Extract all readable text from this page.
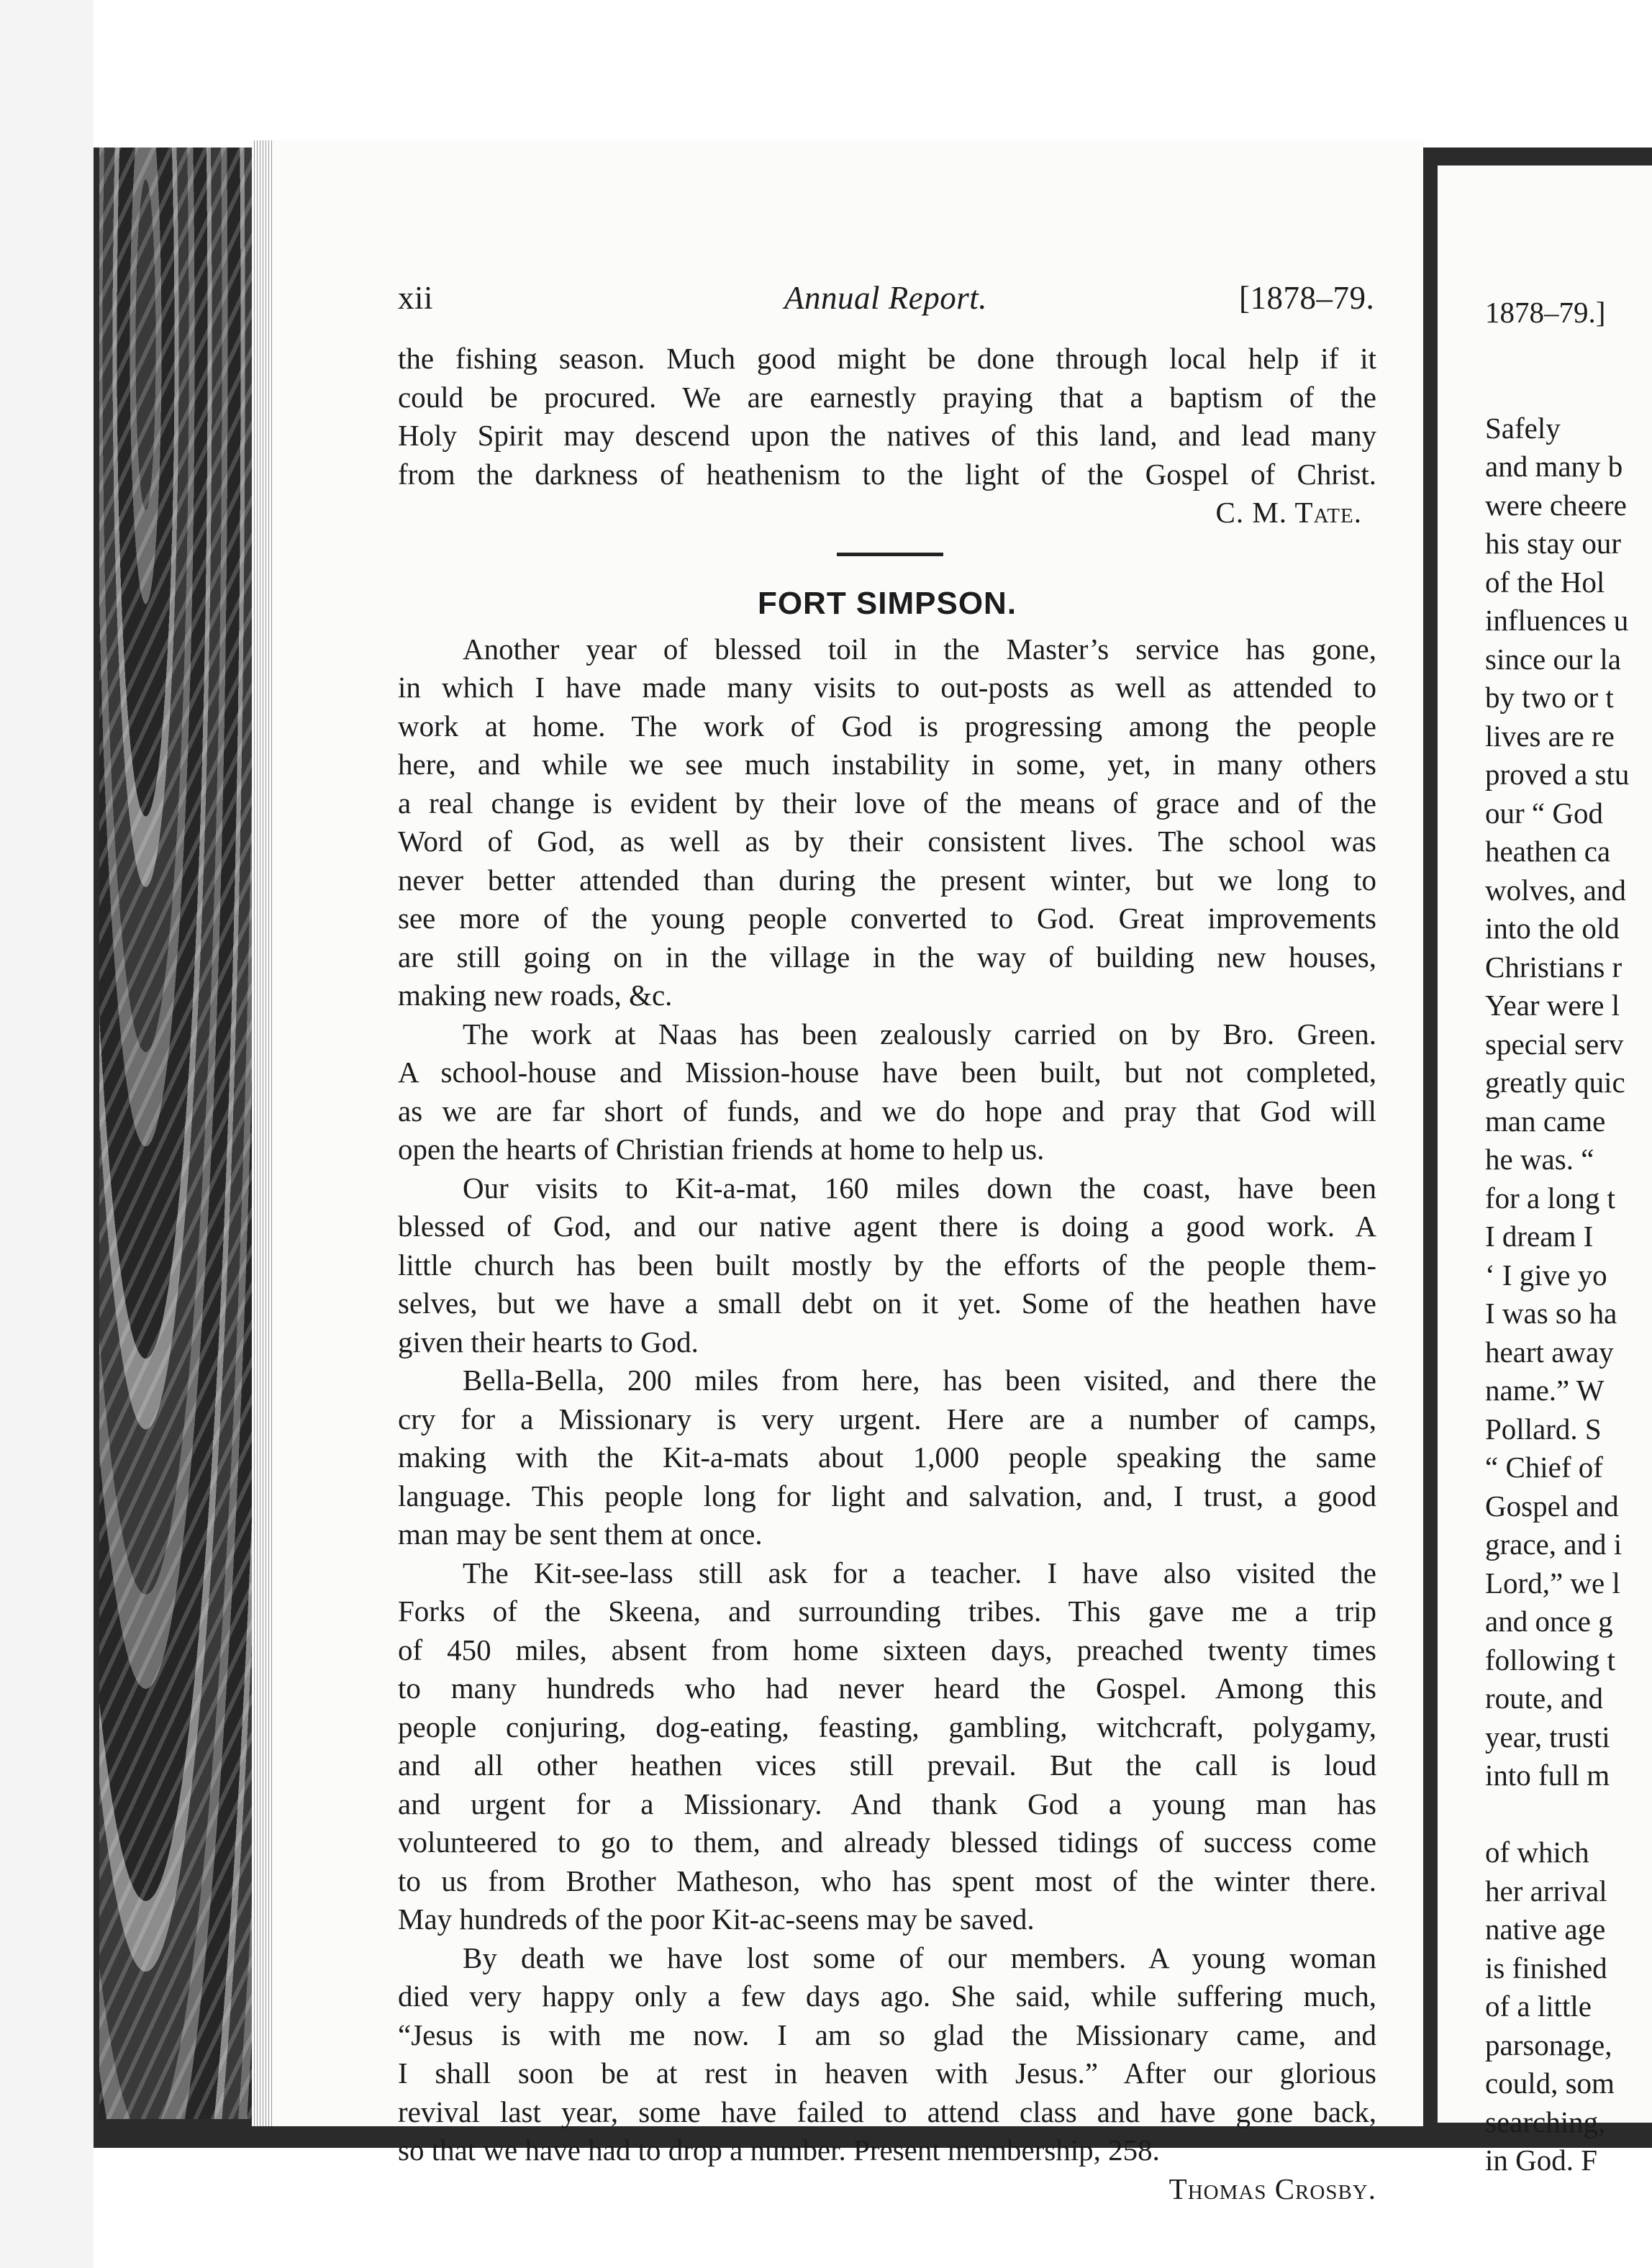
xii	Annual Report.	[1878–79.
the fishing season. Much good might be done through local help if it
could be procured. We are earnestly praying that a baptism of the
Holy Spirit may descend upon the natives of this land, and lead many
from the darkness of heathenism to the light of the Gospel of Christ.
C. M. Tate.
FORT SIMPSON.
Another year of blessed toil in the Master’s service has gone,
in which I have made many visits to out-posts as well as attended to
work at home. The work of God is progressing among the people
here, and while we see much instability in some, yet, in many others
a real change is evident by their love of the means of grace and of the
Word of God, as well as by their consistent lives. The school was
never better attended than during the present winter, but we long to
see more of the young people converted to God. Great improvements
are still going on in the village in the way of building new houses,
making new roads, &c.
The work at Naas has been zealously carried on by Bro. Green.
A school-house and Mission-house have been built, but not completed,
as we are far short of funds, and we do hope and pray that God will
open the hearts of Christian friends at home to help us.
Our visits to Kit-a-mat, 160 miles down the coast, have been
blessed of God, and our native agent there is doing a good work. A
little church has been built mostly by the efforts of the people them-
selves, but we have a small debt on it yet. Some of the heathen have
given their hearts to God.
Bella-Bella, 200 miles from here, has been visited, and there the
cry for a Missionary is very urgent. Here are a number of camps,
making with the Kit-a-mats about 1,000 people speaking the same
language. This people long for light and salvation, and, I trust, a good
man may be sent them at once.
The Kit-see-lass still ask for a teacher. I have also visited the
Forks of the Skeena, and surrounding tribes. This gave me a trip
of 450 miles, absent from home sixteen days, preached twenty times
to many hundreds who had never heard the Gospel. Among this
people conjuring, dog-eating, feasting, gambling, witchcraft, polygamy,
and all other heathen vices still prevail. But the call is loud
and urgent for a Missionary. And thank God a young man has
volunteered to go to them, and already blessed tidings of success come
to us from Brother Matheson, who has spent most of the winter there.
May hundreds of the poor Kit-ac-seens may be saved.
By death we have lost some of our members. A young woman
died very happy only a few days ago. She said, while suffering much,
“Jesus is with me now. I am so glad the Missionary came, and
I shall soon be at rest in heaven with Jesus.” After our glorious
revival last year, some have failed to attend class and have gone back,
so that we have had to drop a number. Present membership, 258.
Thomas Crosby.
1878–79.]
Safely
and many b
were cheere
his stay our
of the Hol
influences u
since our la
by two or t
lives are re
proved a stu
our “ God
heathen ca
wolves, and
into the old
Christians r
Year were l
special serv
greatly quic
man came
he was. “
for a long t
I dream I
‘ I give yo
I was so ha
heart away
name.” W
Pollard. S
“ Chief of
Gospel and
grace, and i
Lord,” we l
and once g
following t
route, and
year, trusti
into full m
of which
her arrival
native age
is finished
of a little
parsonage,
could, som
searching,
in God. F
